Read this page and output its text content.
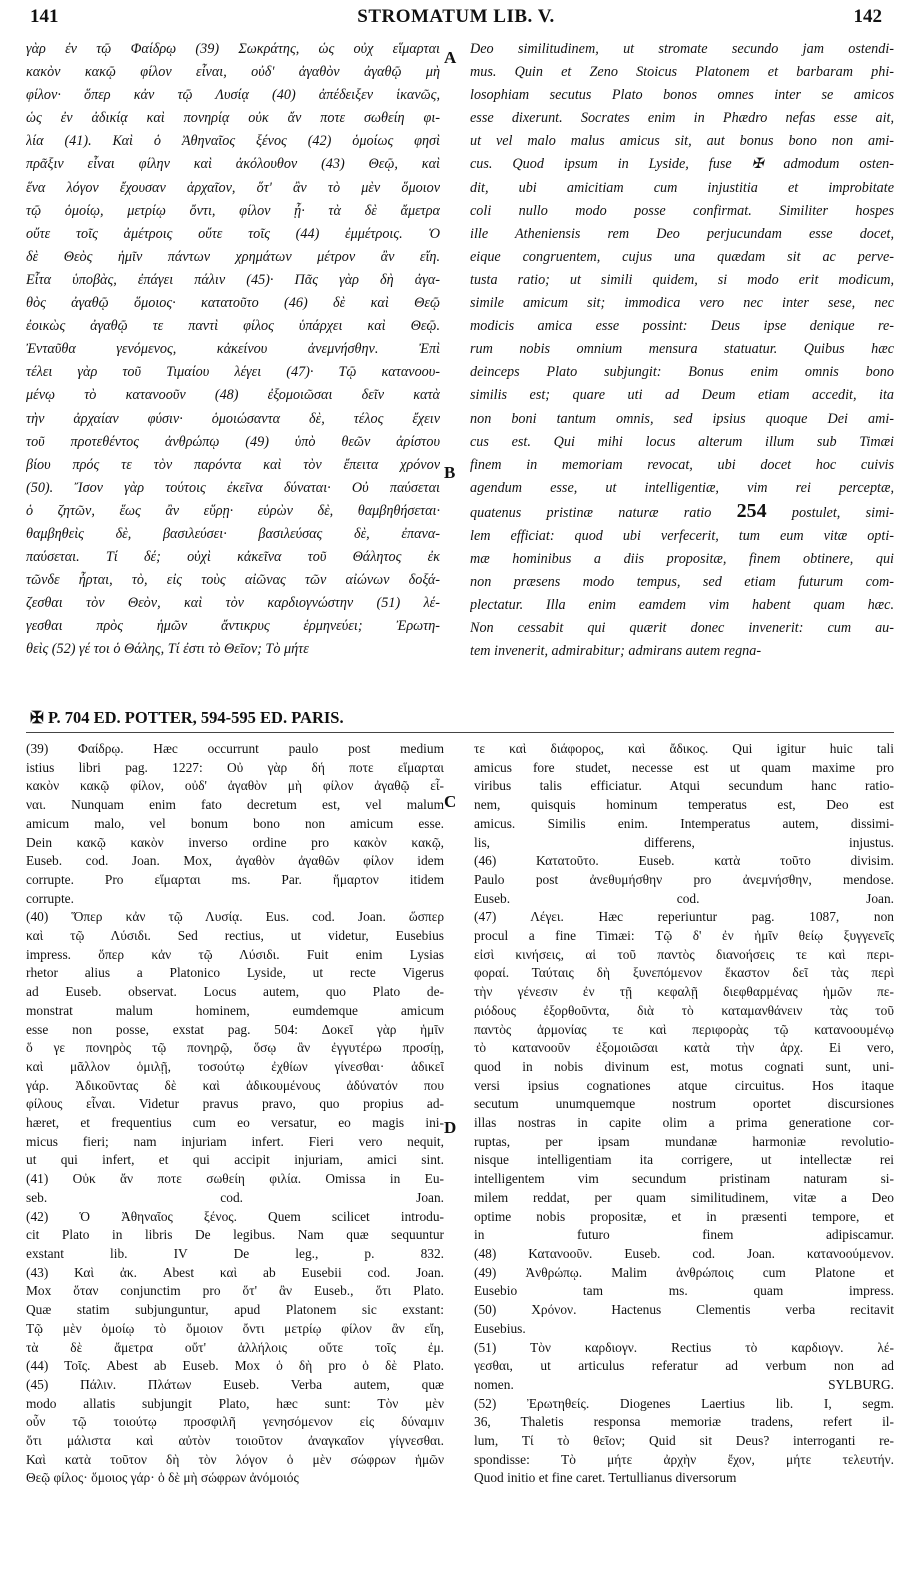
141	STROMATUM LIB. V.	142

γὰρ ἐν τῷ Φαίδρῳ (39) Σωκράτης, ὡς οὐχ εἵμαρται
κακὸν κακῷ φίλον εἶναι, οὐδ' ἀγαθὸν ἀγαθῷ μὴ
φίλον· ὅπερ κἀν τῷ Λυσίᾳ (40) ἀπέδειξεν ἱκανῶς,
ὡς ἐν ἀδικίᾳ καὶ πονηρίᾳ οὐκ ἄν ποτε σωθείη φι-
λία (41). Καὶ ὁ Ἀθηναῖος ξένος (42) ὁμοίως φησὶ
πρᾶξιν εἶναι φίλην καὶ ἀκόλουθον (43) Θεῷ, καὶ
ἕνα λόγον ἔχουσαν ἀρχαῖον, ὅτ' ἂν τὸ μὲν ὅμοιον
τῷ ὁμοίῳ, μετρίῳ ὄντι, φίλον ᾖ· τὰ δὲ ἄμετρα
οὔτε τοῖς ἀμέτροις οὔτε τοῖς (44) ἐμμέτροις. Ὁ
δὲ Θεὸς ἡμῖν πάντων χρημάτων μέτρον ἂν εἴη.
Εἶτα ὑποβὰς, ἐπάγει πάλιν (45)· Πᾶς γὰρ δὴ ἀγα-
θὸς ἀγαθῷ ὅμοιος· κατατοῦτο (46) δὲ καὶ Θεῷ
ἐοικὼς ἀγαθῷ τε παντὶ φίλος ὑπάρχει καὶ Θεῷ.
Ἐνταῦθα γενόμενος, κἀκείνου ἀνεμνήσθην. Ἐπὶ
τέλει γὰρ τοῦ Τιμαίου λέγει (47)· Τῷ κατανοου-
μένῳ τὸ κατανοοῦν (48) ἐξομοιῶσαι δεῖν κατὰ
τὴν ἀρχαίαν φύσιν· ὁμοιώσαντα δὲ, τέλος ἔχειν
τοῦ προτεθέντος ἀνθρώπῳ (49) ὑπὸ θεῶν ἀρίστου
βίου πρός τε τὸν παρόντα καὶ τὸν ἔπειτα χρόνον
(50). Ἴσον γὰρ τούτοις ἐκεῖνα δύναται· Οὐ παύσεται
ὁ ζητῶν, ἕως ἂν εὕρῃ· εὑρὼν δὲ, θαμβηθήσεται·
θαμβηθεὶς δὲ, βασιλεύσει· βασιλεύσας δὲ, ἐπανα-
παύσεται. Τί δέ; οὐχὶ κἀκεῖνα τοῦ Θάλητος ἐκ
τῶνδε ἦρται, τὸ, εἰς τοὺς αἰῶνας τῶν αἰώνων δοξά-
ζεσθαι τὸν Θεὸν, καὶ τὸν καρδιογνώστην (51) λέ-
γεσθαι πρὸς ἡμῶν ἄντικρυς ἑρμηνεύει; Ἐρωτη-
θεὶς (52) γέ τοι ὁ Θάλης, Τί ἐστι τὸ Θεῖον; Τὸ μήτε

Deo similitudinem, ut stromate secundo jam ostendi-
mus. Quin et Zeno Stoicus Platonem et barbaram phi-
losophiam secutus Plato bonos omnes inter se amicos
esse dixerunt. Socrates enim in Phædro nefas esse ait,
ut vel malo malus amicus sit, aut bonus bono non ami-
cus. Quod ipsum in Lyside, fuse ✠ admodum osten-
dit, ubi amicitiam cum injustitia et improbitate
coli nullo modo posse confirmat. Similiter hospes
ille Atheniensis rem Deo perjucundam esse docet,
eique congruentem, cujus una quædam sit ac perve-
tusta ratio; ut simili quidem, si modo erit modicum,
simile amicum sit; immodica vero nec inter sese, nec
modicis amica esse possint: Deus ipse denique re-
rum nobis omnium mensura statuatur. Quibus hæc
deinceps Plato subjungit: Bonus enim omnis bono
similis est; quare uti ad Deum etiam accedit, ita
non boni tantum omnis, sed ipsius quoque Dei ami-
cus est. Qui mihi locus alterum illum sub Timæi
finem in memoriam revocat, ubi docet hoc cuivis
agendum esse, ut intelligentiæ, vim rei perceptæ,
quatenus pristinæ naturæ ratio 254 postulet, simi-
lem efficiat: quod ubi verfecerit, tum eum vitæ opti-
mæ hominibus a diis propositæ, finem obtinere, qui
non præsens modo tempus, sed etiam futurum com-
plectatur. Illa enim eamdem vim habent quam hæc.
Non cessabit qui quærit donec invenerit: cum au-
tem invenerit, admirabitur; admirans autem regna-

A
B
C
D
✠ P. 704 ED. POTTER, 594-595 ED. PARIS.

(39) Φαίδρῳ. Hæc occurrunt paulo post medium
istius libri pag. 1227: Οὐ γὰρ δή ποτε εἵμαρται
κακὸν κακῷ φίλον, οὐδ' ἀγαθὸν μὴ φίλον ἀγαθῷ εἶ-
ναι. Nunquam enim fato decretum est, vel malum
amicum malo, vel bonum bono non amicum esse.
Dein κακῷ κακὸν inverso ordine pro κακὸν κακῷ,
Euseb. cod. Joan. Mox, ἀγαθὸν ἀγαθῶν φίλον idem
corrupte. Pro εἵμαρται ms. Par. ἥμαρτον itidem
corrupte.
(40) Ὅπερ κἀν τῷ Λυσίᾳ. Eus. cod. Joan. ὥσπερ
καὶ τῷ Λύσιδι. Sed rectius, ut videtur, Eusebius
impress. ὅπερ κἀν τῷ Λύσιδι. Fuit enim Lysias
rhetor alius a Platonico Lyside, ut recte Vigerus
ad Euseb. observat. Locus autem, quo Plato de-
monstrat malum hominem, eumdemque amicum
esse non posse, exstat pag. 504: Δοκεῖ γὰρ ἡμῖν
ὅ γε πονηρὸς τῷ πονηρῷ, ὅσῳ ἂν ἐγγυτέρω προσίῃ,
καὶ μᾶλλον ὁμιλῇ, τοσούτῳ ἐχθίων γίνεσθαι· ἀδικεῖ
γάρ. Ἀδικοῦντας δὲ καὶ ἀδικουμένους ἀδύνατόν που
φίλους εἶναι. Videtur pravus pravo, quo propius ad-
hæret, et frequentius cum eo versatur, eo magis ini-
micus fieri; nam injuriam infert. Fieri vero nequit,
ut qui infert, et qui accipit injuriam, amici sint.
(41) Οὐκ ἄν ποτε σωθείη φιλία. Omissa in Eu-
seb. cod. Joan.
(42) Ὁ Ἀθηναῖος ξένος. Quem scilicet introdu-
cit Plato in libris De legibus. Nam quæ sequuntur
exstant lib. IV De leg., p. 832.
(43) Καὶ ἀκ. Abest καὶ ab Eusebii cod. Joan.
Mox ὅταν conjunctim pro ὅτ' ἂν Euseb., ὅτι Plato.
Quæ statim subjunguntur, apud Platonem sic exstant:
Τῷ μὲν ὁμοίῳ τὸ ὅμοιον ὄντι μετρίῳ φίλον ἂν εἴη,
τὰ δὲ ἄμετρα οὔτ' ἀλλήλοις οὔτε τοῖς ἐμ.
(44) Τοῖς. Abest ab Euseb. Mox ὁ δὴ pro ὁ δὲ Plato.
(45) Πάλιν. Πλάτων Euseb. Verba autem, quæ
modo allatis subjungit Plato, hæc sunt: Τὸν μὲν
οὖν τῷ τοιούτῳ προσφιλῆ γενησόμενον εἰς δύναμιν
ὅτι μάλιστα καὶ αὐτὸν τοιοῦτον ἀναγκαῖον γίγνεσθαι.
Καὶ κατὰ τοῦτον δὴ τὸν λόγον ὁ μὲν σώφρων ἡμῶν
Θεῷ φίλος· ὅμοιος γάρ· ὁ δὲ μὴ σώφρων ἀνόμοιός

τε καὶ διάφορος, καὶ ἄδικος. Qui igitur huic tali
amicus fore studet, necesse est ut quam maxime pro
viribus talis efficiatur. Atqui secundum hanc ratio-
nem, quisquis hominum temperatus est, Deo est
amicus. Similis enim. Intemperatus autem, dissimi-
lis, differens, injustus.
(46) Κατατοῦτο. Euseb. κατὰ τοῦτο divisim.
Paulo post ἀνεθυμήσθην pro ἀνεμνήσθην, mendose.
Euseb. cod. Joan.
(47) Λέγει. Hæc reperiuntur pag. 1087, non
procul a fine Timæi: Τῷ δ' ἐν ἡμῖν θείῳ ξυγγενεῖς
εἰσὶ κινήσεις, αἱ τοῦ παντὸς διανοήσεις τε καὶ περι-
φοραί. Ταύταις δὴ ξυνεπόμενον ἕκαστον δεῖ τὰς περὶ
τὴν γένεσιν ἐν τῇ κεφαλῇ διεφθαρμένας ἡμῶν πε-
ριόδους ἐξορθοῦντα, διὰ τὸ καταμανθάνειν τὰς τοῦ
παντὸς ἁρμονίας τε καὶ περιφορὰς τῷ κατανοουμένῳ
τὸ κατανοοῦν ἐξομοιῶσαι κατὰ τὴν ἀρχ. Ei vero,
quod in nobis divinum est, motus cognati sunt, uni-
versi ipsius cognationes atque circuitus. Hos itaque
secutum unumquemque nostrum oportet discursiones
illas nostras in capite olim a prima generatione cor-
ruptas, per ipsam mundanæ harmoniæ revolutio-
nisque intelligentiam ita corrigere, ut intellectæ rei
intelligentem vim secundum pristinam naturam si-
milem reddat, per quam similitudinem, vitæ a Deo
optime nobis propositæ, et in præsenti tempore, et
in futuro finem adipiscamur.
(48) Κατανοοῦν. Euseb. cod. Joan. κατανοούμενον.
(49) Ἀνθρώπῳ. Malim ἀνθρώποις cum Platone et
Eusebio tam ms. quam impress.
(50) Χρόνον. Hactenus Clementis verba recitavit
Eusebius.
(51) Τὸν καρδιογν. Rectius τὸ καρδιογν. λέ-
γεσθαι, ut articulus referatur ad verbum non ad
nomen. SYLBURG.
(52) Ἐρωτηθείς. Diogenes Laertius lib. I, segm.
36, Thaletis responsa memoriæ tradens, refert il-
lum, Τί τὸ θεῖον; Quid sit Deus? interroganti re-
spondisse: Τὸ μήτε ἀρχὴν ἔχον, μήτε τελευτήν.
Quod initio et fine caret. Tertullianus diversorum
